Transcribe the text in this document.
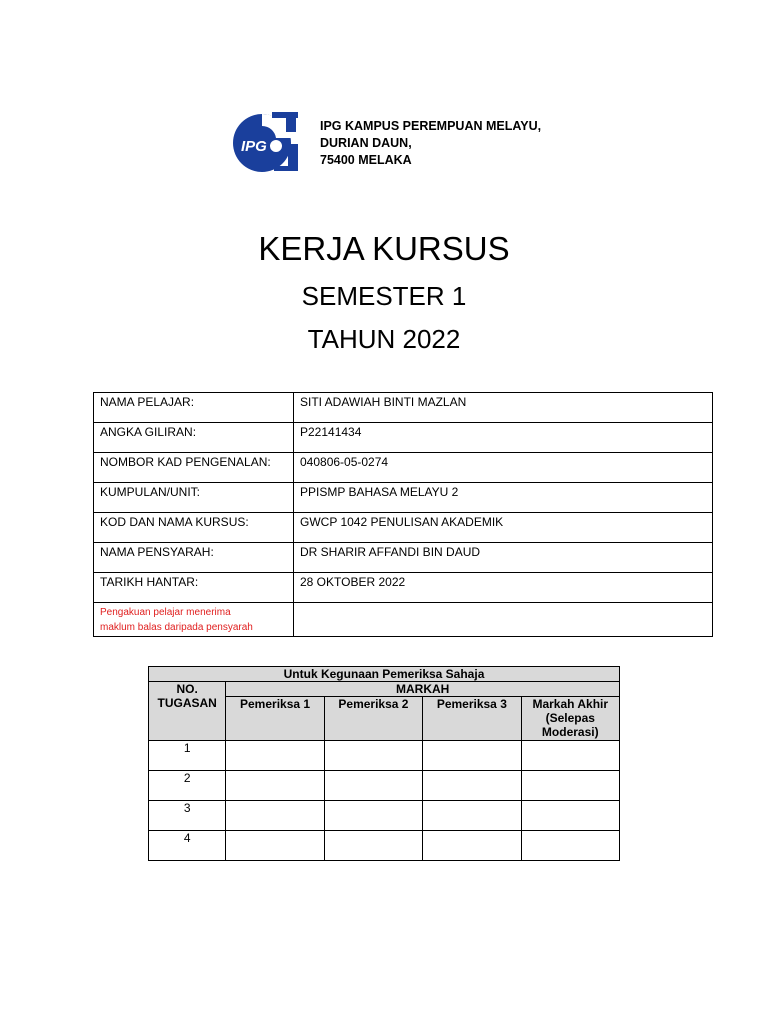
IPG
IPG KAMPUS PEREMPUAN MELAYU,
DURIAN DAUN,
75400 MELAKA
KERJA KURSUS
SEMESTER 1
TAHUN 2022
NAMA PELAJAR:	SITI ADAWIAH BINTI MAZLAN
ANGKA GILIRAN:	P22141434
NOMBOR KAD PENGENALAN:	040806-05-0274
KUMPULAN/UNIT:	PPISMP BAHASA MELAYU 2
KOD DAN NAMA KURSUS:	GWCP 1042 PENULISAN AKADEMIK
NAMA PENSYARAH:	DR SHARIR AFFANDI BIN DAUD
TARIKH HANTAR:	28 OKTOBER 2022

Pengakuan pelajar menerima
maklum balas daripada pensyarah	

Untuk Kegunaan Pemeriksa Sahaja				

NO.
TUGASAN	MARKAH			
	Pemeriksa 1	Pemeriksa 2	Pemeriksa 3	Markah Akhir
(Selepas
Moderasi)

1				
2				
3				
4				
